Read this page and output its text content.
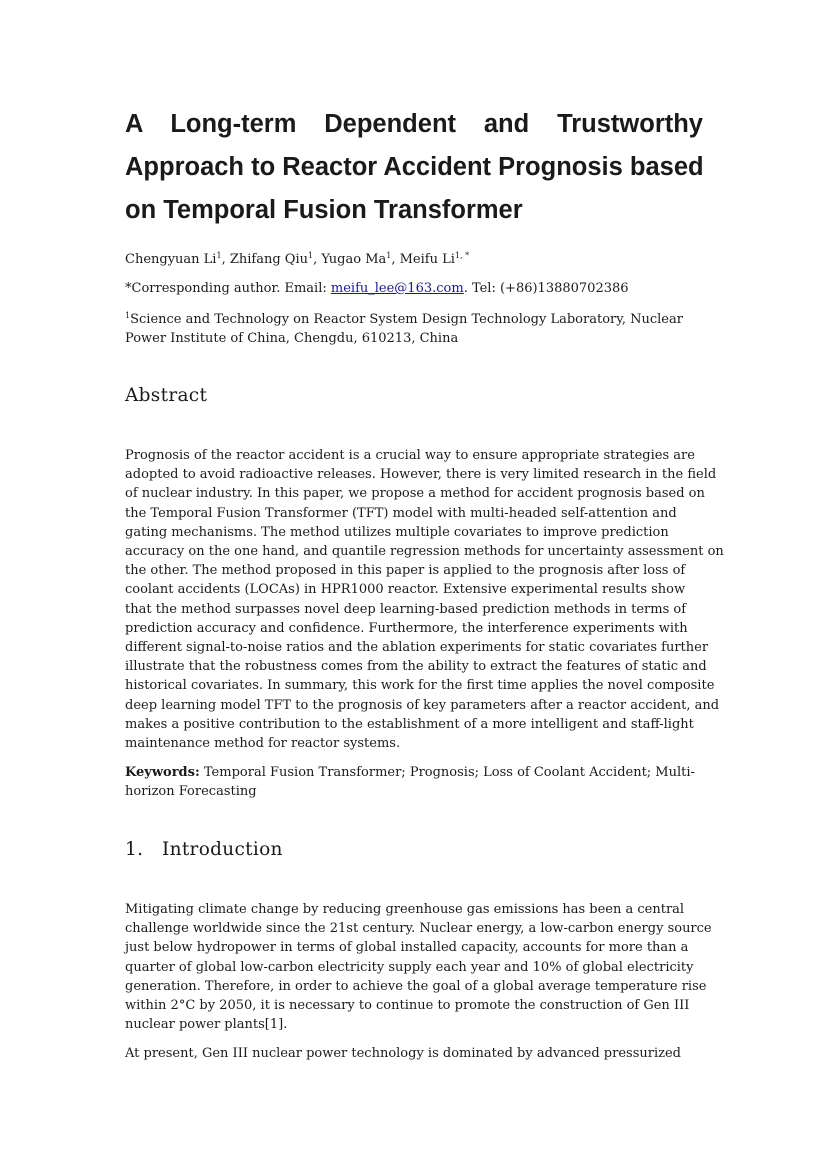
A Long-term Dependent and Trustworthy
Approach to Reactor Accident Prognosis based
on Temporal Fusion Transformer

Chengyuan Li$^1$, Zhifang Qiu$^1$, Yugao Ma$^1$, Meifu $Li^{1, *}$

*Corresponding author. Email: meifu_lee@163.com. Tel: (+86)13880702386

$^1$Science and Technology on Reactor System Design Technology Laboratory, Nuclear
Power Institute of China, Chengdu, 610213, China

Abstract

Prognosis of the reactor accident is a crucial way to ensure appropriate strategies are
adopted to avoid radioactive releases. However, there is very limited research in the field
of nuclear industry. In this paper, we propose a method for accident prognosis based on
the Temporal Fusion Transformer (TFT) model with multi-headed self-attention and
gating mechanisms. The method utilizes multiple covariates to improve prediction
accuracy on the one hand, and quantile regression methods for uncertainty assessment on
the other. The method proposed in this paper is applied to the prognosis after loss of
coolant accidents (LOCAs) in HPR1000 reactor. Extensive experimental results show
that the method surpasses novel deep learning-based prediction methods in terms of
prediction accuracy and confidence. Furthermore, the interference experiments with
different signal-to-noise ratios and the ablation experiments for static covariates further
illustrate that the robustness comes from the ability to extract the features of static and
historical covariates. In summary, this work for the first time applies the novel composite
deep learning model TFT to the prognosis of key parameters after a reactor accident, and
makes a positive contribution to the establishment of a more intelligent and staff-light
maintenance method for reactor systems.

Keywords: Temporal Fusion Transformer; Prognosis; Loss of Coolant Accident; Multi-
horizon Forecasting

1. Introduction

Mitigating climate change by reducing greenhouse gas emissions has been a central
challenge worldwide since the 21st century. Nuclear energy, a low-carbon energy source
just below hydropower in terms of global installed capacity, accounts for more than a
quarter of global low-carbon electricity supply each year and 10% of global electricity
generation. Therefore, in order to achieve the goal of a global average temperature rise
within 2°C by 2050, it is necessary to continue to promote the construction of Gen III
nuclear power plants[1].

At present, Gen III nuclear power technology is dominated by advanced pressurized
